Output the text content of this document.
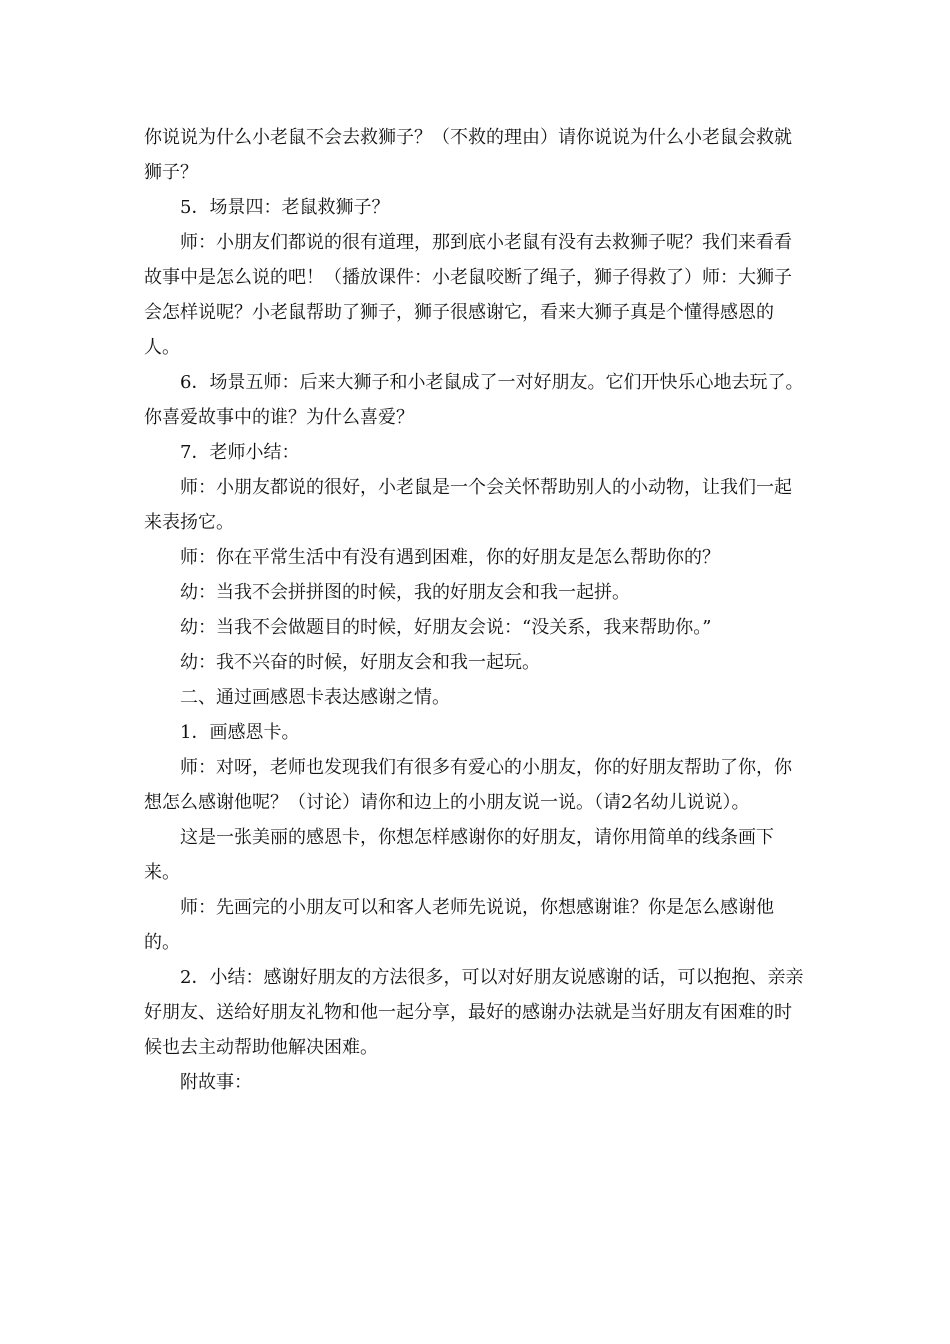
你说说为什么小老鼠不会去救狮子？（不救的理由）请你说说为什么小老鼠会救就狮子？

5．场景四：老鼠救狮子？

师：小朋友们都说的很有道理，那到底小老鼠有没有去救狮子呢？我们来看看故事中是怎么说的吧！（播放课件：小老鼠咬断了绳子，狮子得救了）师：大狮子会怎样说呢？小老鼠帮助了狮子，狮子很感谢它，看来大狮子真是个懂得感恩的人。

6．场景五师：后来大狮子和小老鼠成了一对好朋友。它们开快乐心地去玩了。你喜爱故事中的谁？为什么喜爱？

7．老师小结：

师：小朋友都说的很好，小老鼠是一个会关怀帮助别人的小动物，让我们一起来表扬它。

师：你在平常生活中有没有遇到困难，你的好朋友是怎么帮助你的？

幼：当我不会拼拼图的时候，我的好朋友会和我一起拼。

幼：当我不会做题目的时候，好朋友会说：“没关系，我来帮助你。”

幼：我不兴奋的时候，好朋友会和我一起玩。

二、通过画感恩卡表达感谢之情。

1．画感恩卡。

师：对呀，老师也发现我们有很多有爱心的小朋友，你的好朋友帮助了你，你想怎么感谢他呢？（讨论）请你和边上的小朋友说一说。（请2名幼儿说说）。

这是一张美丽的感恩卡，你想怎样感谢你的好朋友，请你用简单的线条画下来。

师：先画完的小朋友可以和客人老师先说说，你想感谢谁？你是怎么感谢他的。

2．小结：感谢好朋友的方法很多，可以对好朋友说感谢的话，可以抱抱、亲亲好朋友、送给好朋友礼物和他一起分享，最好的感谢办法就是当好朋友有困难的时候也去主动帮助他解决困难。

附故事：
